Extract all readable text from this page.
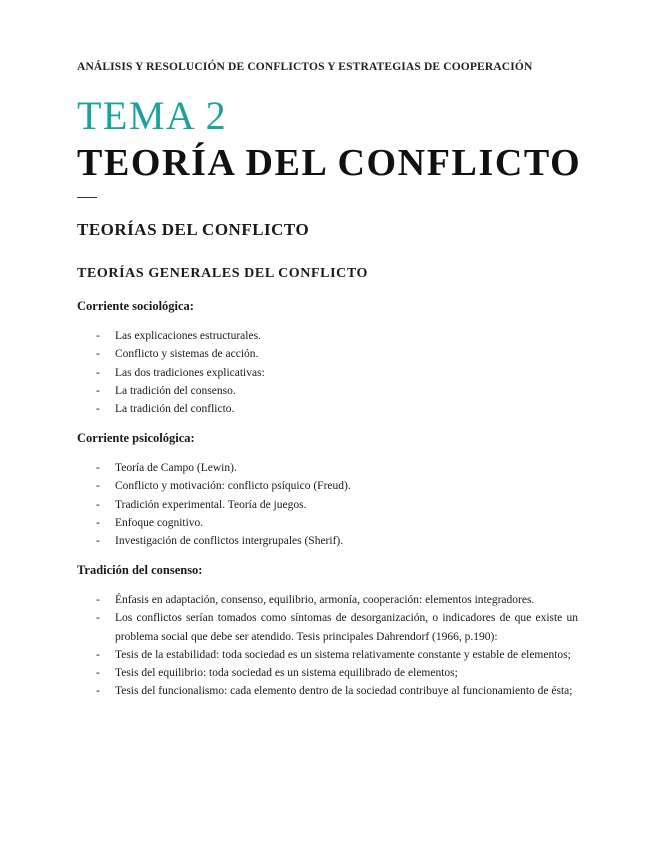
ANÁLISIS Y RESOLUCIÓN DE CONFLICTOS Y ESTRATEGIAS DE COOPERACIÓN
TEMA 2
TEORÍA DEL CONFLICTO
TEORÍAS DEL CONFLICTO
TEORÍAS GENERALES DEL CONFLICTO
Corriente sociológica:
- Las explicaciones estructurales.
- Conflicto y sistemas de acción.
- Las dos tradiciones explicativas:
- La tradición del consenso.
- La tradición del conflicto.
Corriente psicológica:
- Teoría de Campo (Lewin).
- Conflicto y motivación: conflicto psíquico (Freud).
- Tradición experimental. Teoría de juegos.
- Enfoque cognitivo.
- Investigación de conflictos intergrupales (Sherif).
Tradición del consenso:
- Énfasis en adaptación, consenso, equilibrio, armonía, cooperación: elementos integradores.
- Los conflictos serían tomados como síntomas de desorganización, o indicadores de que existe un problema social que debe ser atendido. Tesis principales Dahrendorf (1966, p.190):
- Tesis de la estabilidad: toda sociedad es un sistema relativamente constante y estable de elementos;
- Tesis del equilibrio: toda sociedad es un sistema equilibrado de elementos;
- Tesis del funcionalismo: cada elemento dentro de la sociedad contribuye al funcionamiento de ésta;
